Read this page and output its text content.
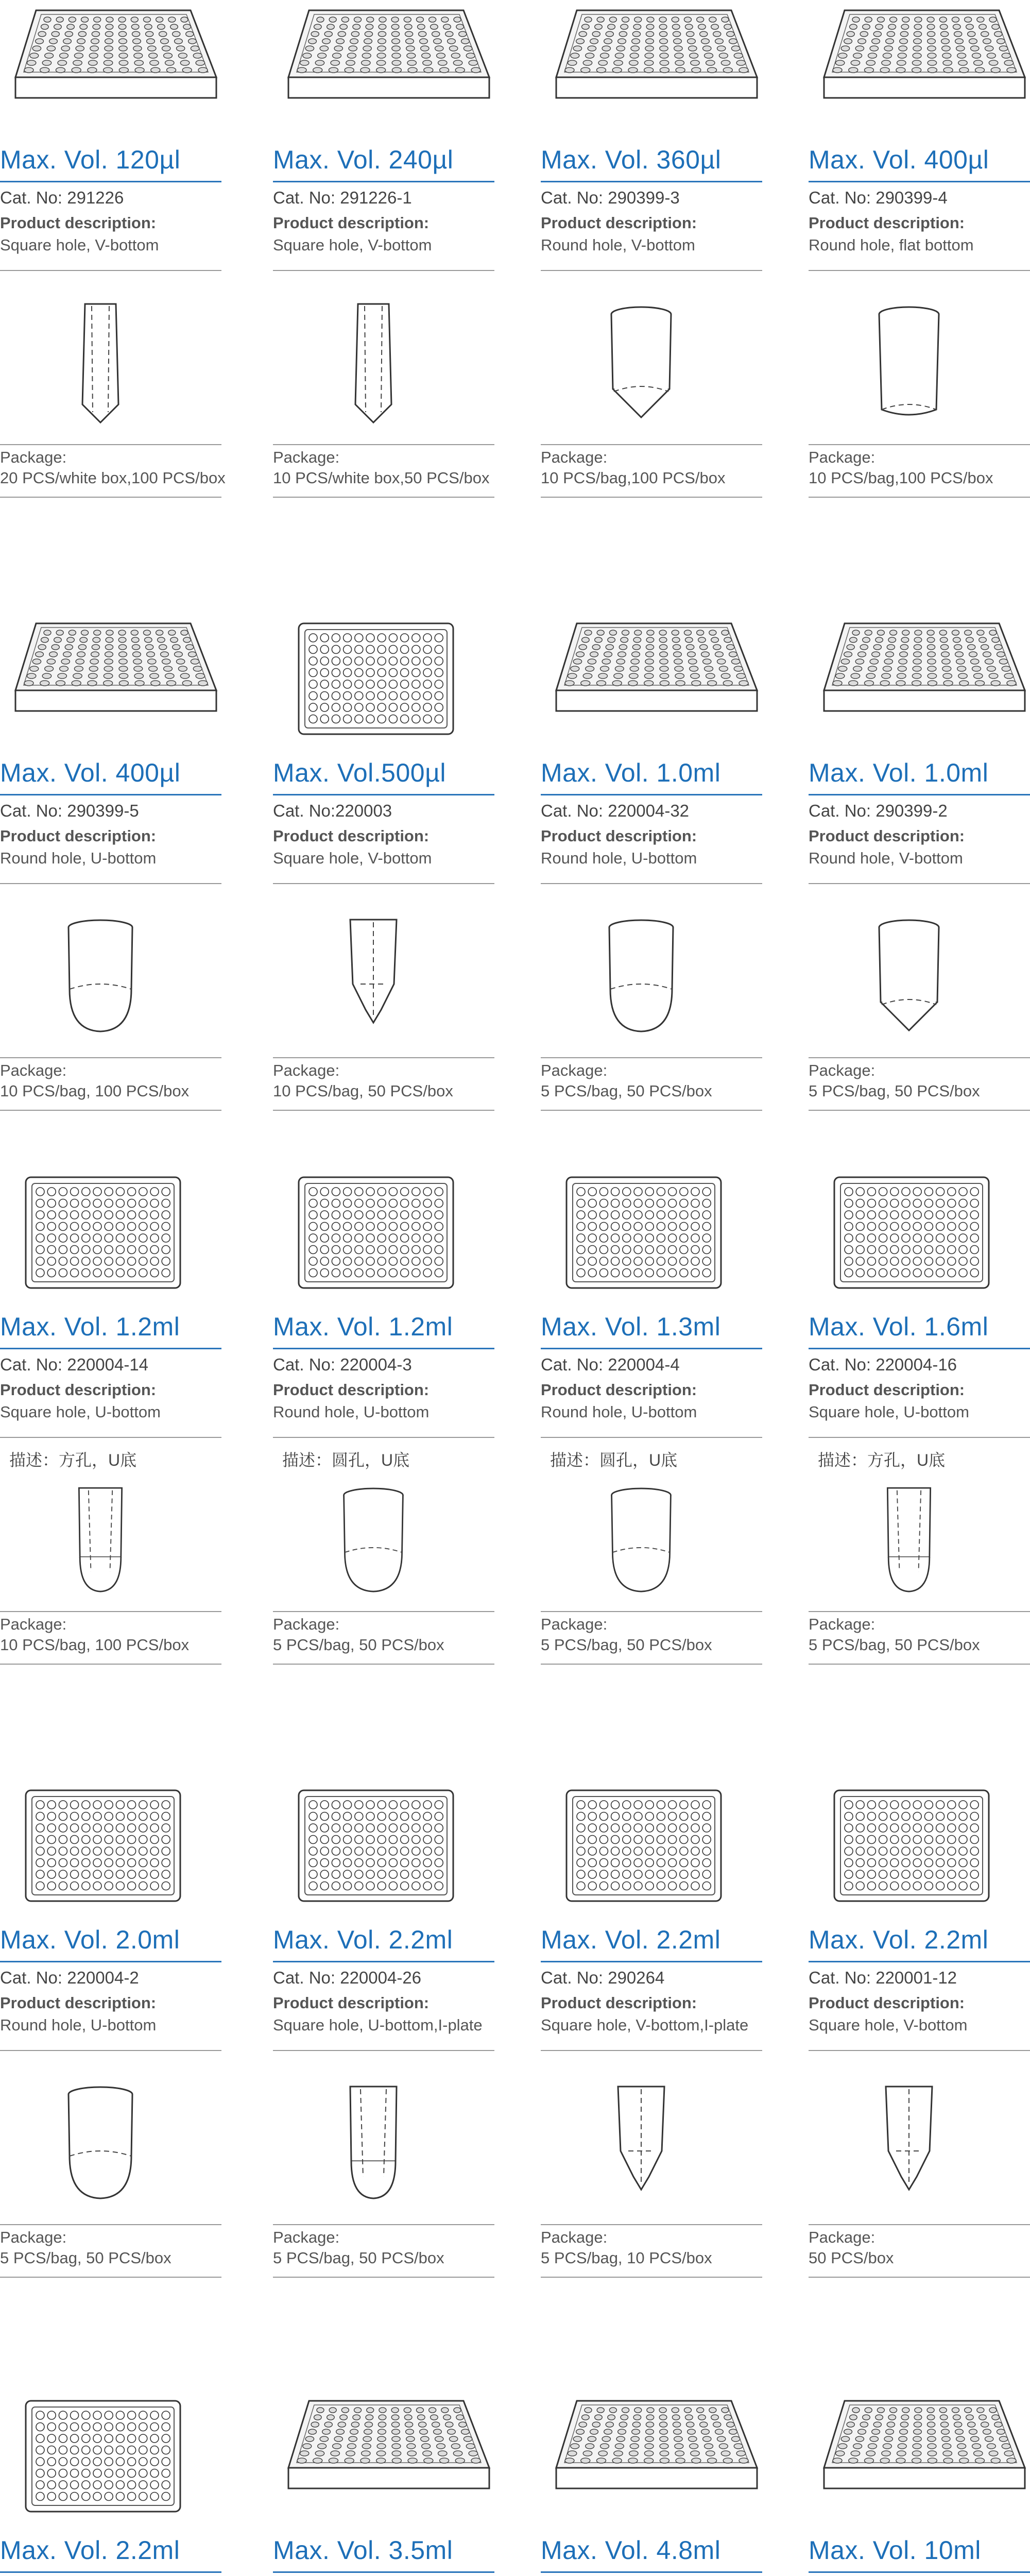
Max. Vol. 120µl
Cat. No: 291226
Product description:
Square hole, V-bottom
Package:
20 PCS/white box,100 PCS/box
Max. Vol. 240µl
Cat. No: 291226-1
Product description:
Square hole, V-bottom
Package:
10 PCS/white box,50 PCS/box
Max. Vol. 360µl
Cat. No: 290399-3
Product description:
Round hole, V-bottom
Package:
10 PCS/bag,100 PCS/box
Max. Vol. 400µl
Cat. No: 290399-4
Product description:
Round hole, flat bottom
Package:
10 PCS/bag,100 PCS/box
Max. Vol. 400µl
Cat. No: 290399-5
Product description:
Round hole, U-bottom
Package:
10 PCS/bag, 100 PCS/box
Max. Vol.500µl
Cat. No:220003
Product description:
Square hole, V-bottom
Package:
10 PCS/bag, 50 PCS/box
Max. Vol. 1.0ml
Cat. No: 220004-32
Product description:
Round hole, U-bottom
Package:
5 PCS/bag, 50 PCS/box
Max. Vol. 1.0ml
Cat. No: 290399-2
Product description:
Round hole, V-bottom
Package:
5 PCS/bag, 50 PCS/box
Max. Vol. 1.2ml
Cat. No: 220004-14
Product description:
Square hole, U-bottom
描述：方孔，U底
Package:
10 PCS/bag, 100 PCS/box
Max. Vol. 1.2ml
Cat. No: 220004-3
Product description:
Round hole, U-bottom
描述：圆孔，U底
Package:
5 PCS/bag, 50 PCS/box
Max. Vol. 1.3ml
Cat. No: 220004-4
Product description:
Round hole, U-bottom
描述：圆孔，U底
Package:
5 PCS/bag, 50 PCS/box
Max. Vol. 1.6ml
Cat. No: 220004-16
Product description:
Square hole, U-bottom
描述：方孔，U底
Package:
5 PCS/bag, 50 PCS/box
Max. Vol. 2.0ml
Cat. No: 220004-2
Product description:
Round hole, U-bottom
Package:
5 PCS/bag, 50 PCS/box
Max. Vol. 2.2ml
Cat. No: 220004-26
Product description:
Square hole, U-bottom,I-plate
Package:
5 PCS/bag, 50 PCS/box
Max. Vol. 2.2ml
Cat. No: 290264
Product description:
Square hole, V-bottom,I-plate
Package:
5 PCS/bag, 10 PCS/box
Max. Vol. 2.2ml
Cat. No: 220001-12
Product description:
Square hole, V-bottom
Package:
50 PCS/box
Max. Vol. 2.2ml	Max. Vol. 3.5ml	Max. Vol. 4.8ml	Max. Vol. 10ml
